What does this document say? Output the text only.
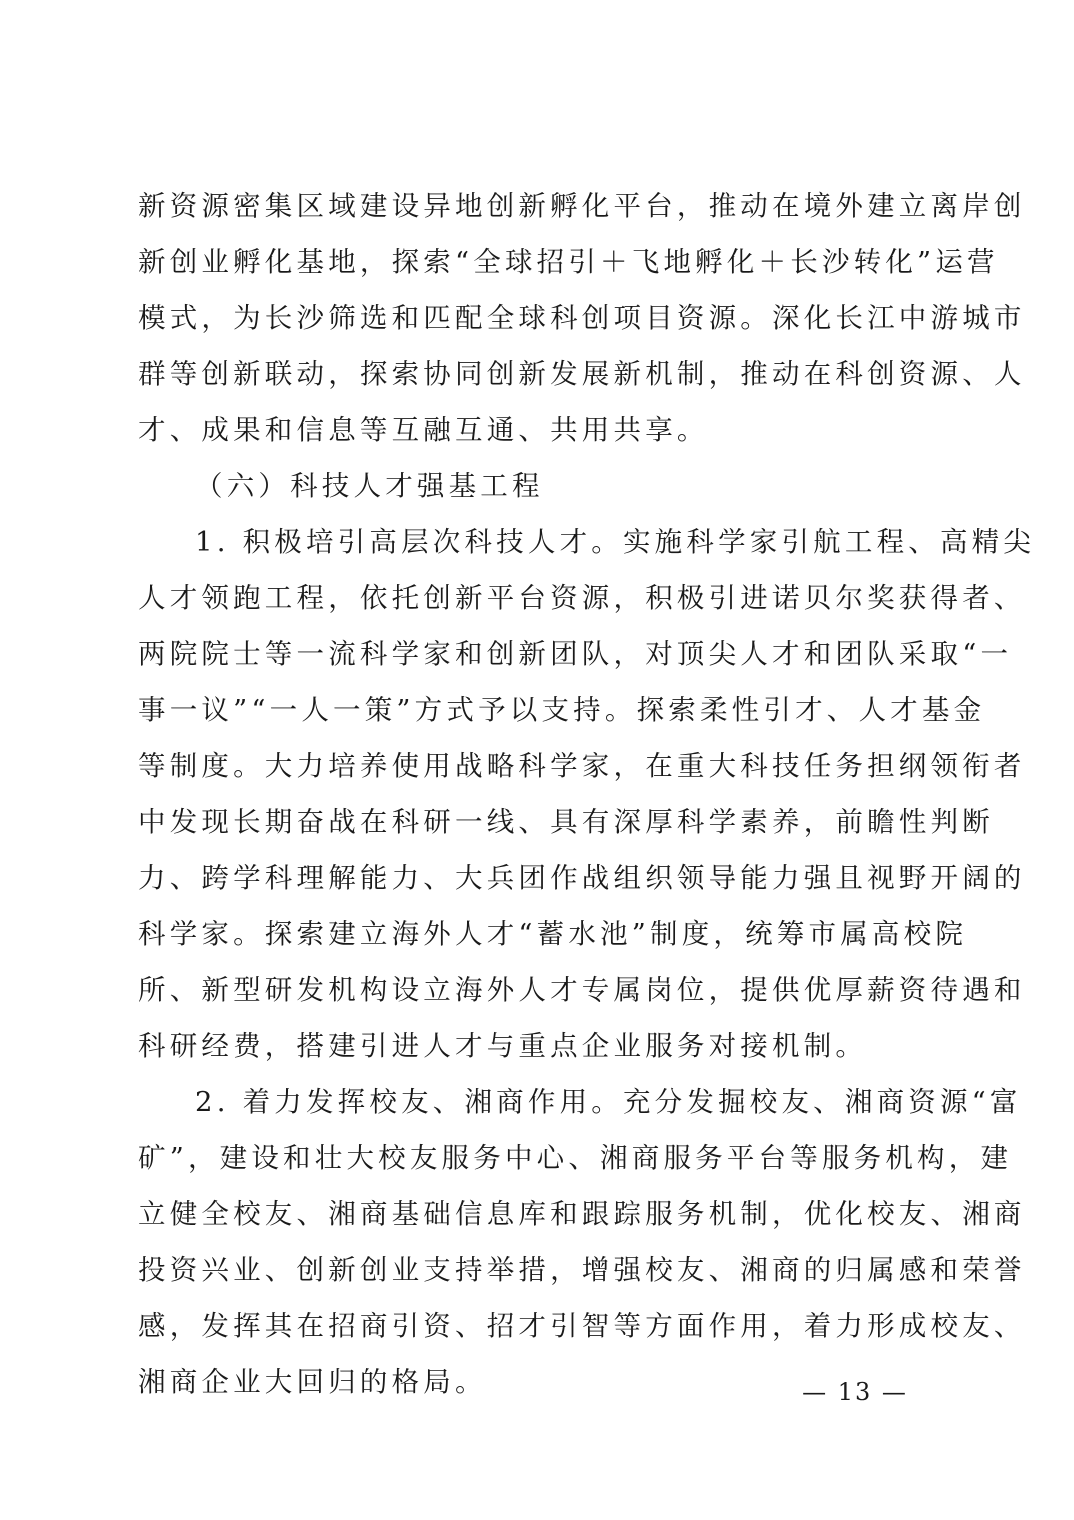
新资源密集区域建设异地创新孵化平台，推动在境外建立离岸创
新创业孵化基地，探索“全球招引＋飞地孵化＋长沙转化”运营
模式，为长沙筛选和匹配全球科创项目资源。深化长江中游城市
群等创新联动，探索协同创新发展新机制，推动在科创资源、人
才、成果和信息等互融互通、共用共享。
（六）科技人才强基工程
1. 积极培引高层次科技人才。实施科学家引航工程、高精尖
人才领跑工程，依托创新平台资源，积极引进诺贝尔奖获得者、
两院院士等一流科学家和创新团队，对顶尖人才和团队采取“一
事一议”“一人一策”方式予以支持。探索柔性引才、人才基金
等制度。大力培养使用战略科学家，在重大科技任务担纲领衔者
中发现长期奋战在科研一线、具有深厚科学素养，前瞻性判断
力、跨学科理解能力、大兵团作战组织领导能力强且视野开阔的
科学家。探索建立海外人才“蓄水池”制度，统筹市属高校院
所、新型研发机构设立海外人才专属岗位，提供优厚薪资待遇和
科研经费，搭建引进人才与重点企业服务对接机制。
2. 着力发挥校友、湘商作用。充分发掘校友、湘商资源“富
矿”，建设和壮大校友服务中心、湘商服务平台等服务机构，建
立健全校友、湘商基础信息库和跟踪服务机制，优化校友、湘商
投资兴业、创新创业支持举措，增强校友、湘商的归属感和荣誉
感，发挥其在招商引资、招才引智等方面作用，着力形成校友、
湘商企业大回归的格局。	— 13 —
